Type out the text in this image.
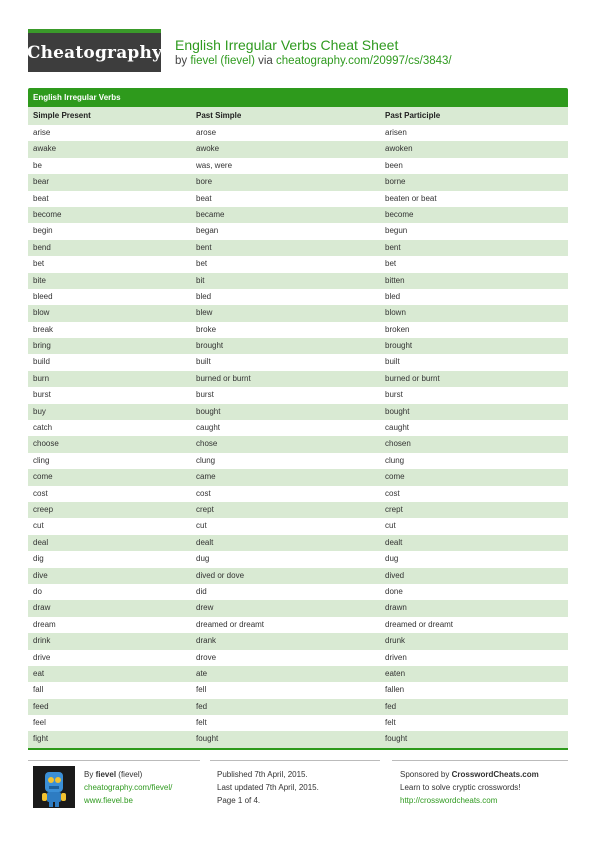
Cheatography English Irregular Verbs Cheat Sheet
by fievel (fievel) via cheatography.com/20997/cs/3843/
English Irregular Verbs
Simple Present	Past Simple	Past Participle
arise	arose	arisen
awake	awoke	awoken
be	was, were	been
bear	bore	borne
beat	beat	beaten or beat
become	became	become
begin	began	begun
bend	bent	bent
bet	bet	bet
bite	bit	bitten
bleed	bled	bled
blow	blew	blown
break	broke	broken
bring	brought	brought
build	built	built
burn	burned or burnt	burned or burnt
burst	burst	burst
buy	bought	bought
catch	caught	caught
choose	chose	chosen
cling	clung	clung
come	came	come
cost	cost	cost
creep	crept	crept
cut	cut	cut
deal	dealt	dealt
dig	dug	dug
dive	dived or dove	dived
do	did	done
draw	drew	drawn
dream	dreamed or dreamt	dreamed or dreamt
drink	drank	drunk
drive	drove	driven
eat	ate	eaten
fall	fell	fallen
feed	fed	fed
feel	felt	felt
fight	fought	fought
By fievel (fievel)
cheatography.com/fievel/
www.fievel.be
Published 7th April, 2015.
Last updated 7th April, 2015.
Page 1 of 4.
Sponsored by CrosswordCheats.com
Learn to solve cryptic crosswords!
http://crosswordcheats.com
